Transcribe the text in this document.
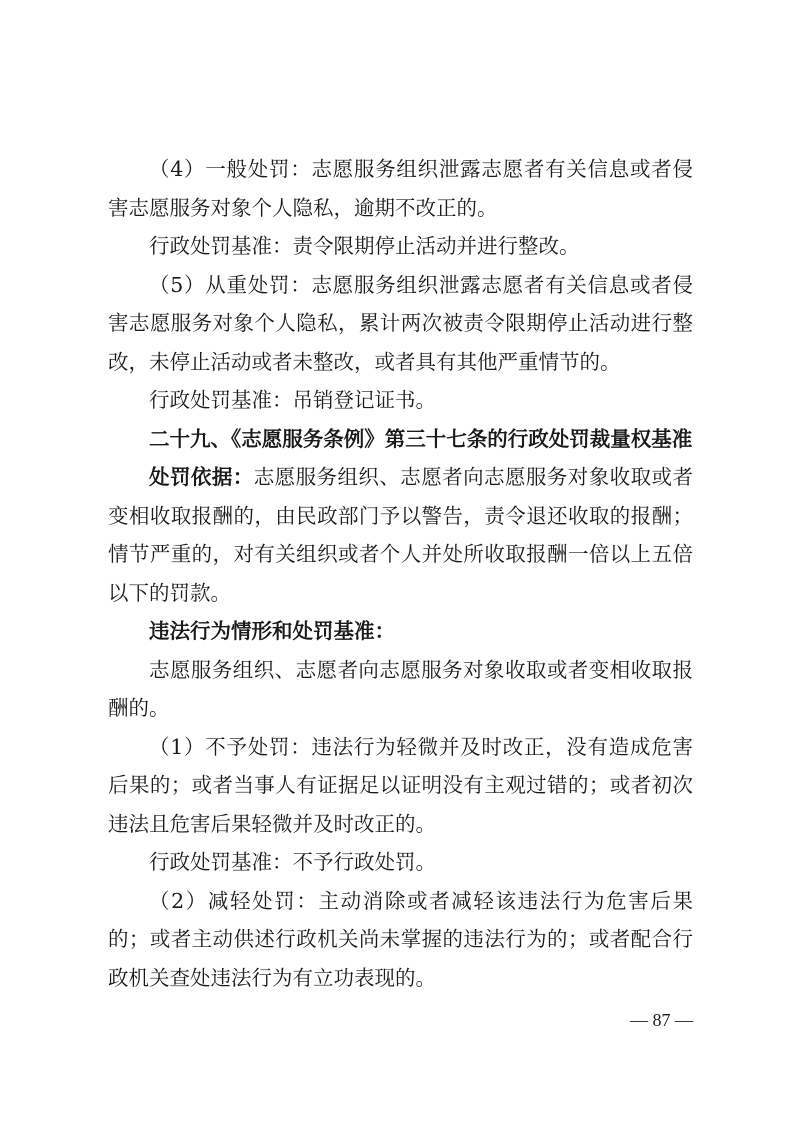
（4）一般处罚：志愿服务组织泄露志愿者有关信息或者侵害志愿服务对象个人隐私，逾期不改正的。

行政处罚基准：责令限期停止活动并进行整改。

（5）从重处罚：志愿服务组织泄露志愿者有关信息或者侵害志愿服务对象个人隐私，累计两次被责令限期停止活动进行整改，未停止活动或者未整改，或者具有其他严重情节的。

行政处罚基准：吊销登记证书。

二十九、《志愿服务条例》第三十七条的行政处罚裁量权基准

处罚依据：志愿服务组织、志愿者向志愿服务对象收取或者变相收取报酬的，由民政部门予以警告，责令退还收取的报酬；情节严重的，对有关组织或者个人并处所收取报酬一倍以上五倍以下的罚款。

违法行为情形和处罚基准：

志愿服务组织、志愿者向志愿服务对象收取或者变相收取报酬的。

（1）不予处罚：违法行为轻微并及时改正，没有造成危害后果的；或者当事人有证据足以证明没有主观过错的；或者初次违法且危害后果轻微并及时改正的。

行政处罚基准：不予行政处罚。

（2）减轻处罚：主动消除或者减轻该违法行为危害后果的；或者主动供述行政机关尚未掌握的违法行为的；或者配合行政机关查处违法行为有立功表现的。

— 87 —
